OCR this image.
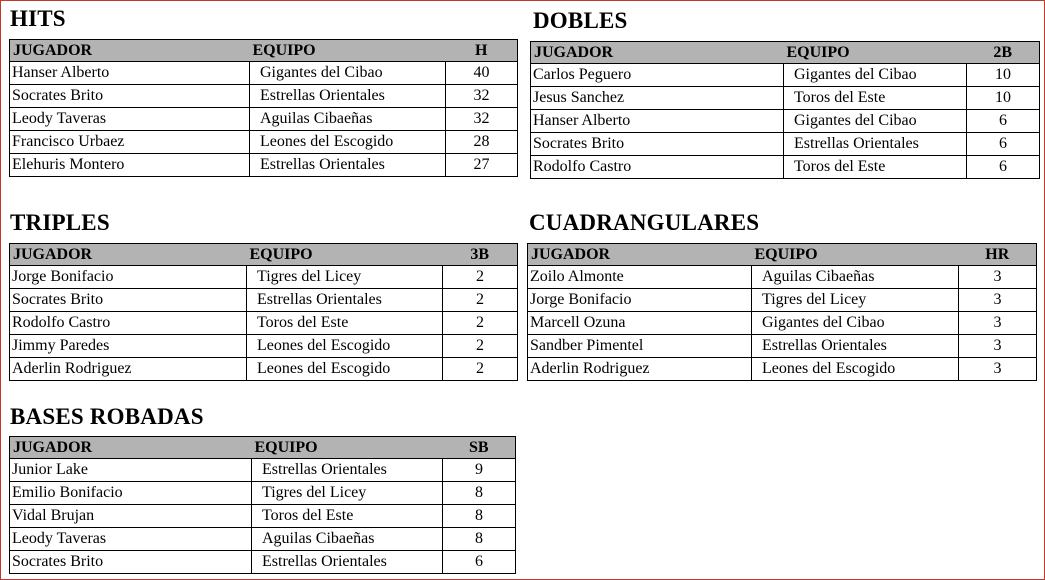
HITS
JUGADOR	EQUIPO	H
Hanser Alberto	Gigantes del Cibao	40
Socrates Brito	Estrellas Orientales	32
Leody Taveras	Aguilas Cibaeñas	32
Francisco Urbaez	Leones del Escogido	28
Elehuris Montero	Estrellas Orientales	27
DOBLES
JUGADOR	EQUIPO	2B
Carlos Peguero	Gigantes del Cibao	10
Jesus Sanchez	Toros del Este	10
Hanser Alberto	Gigantes del Cibao	6
Socrates Brito	Estrellas Orientales	6
Rodolfo Castro	Toros del Este	6
TRIPLES
JUGADOR	EQUIPO	3B
Jorge Bonifacio	Tigres del Licey	2
Socrates Brito	Estrellas Orientales	2
Rodolfo Castro	Toros del Este	2
Jimmy Paredes	Leones del Escogido	2
Aderlin Rodriguez	Leones del Escogido	2
CUADRANGULARES
JUGADOR	EQUIPO	HR
Zoilo Almonte	Aguilas Cibaeñas	3
Jorge Bonifacio	Tigres del Licey	3
Marcell Ozuna	Gigantes del Cibao	3
Sandber Pimentel	Estrellas Orientales	3
Aderlin Rodriguez	Leones del Escogido	3
BASES ROBADAS
JUGADOR	EQUIPO	SB
Junior Lake	Estrellas Orientales	9
Emilio Bonifacio	Tigres del Licey	8
Vidal Brujan	Toros del Este	8
Leody Taveras	Aguilas Cibaeñas	8
Socrates Brito	Estrellas Orientales	6
